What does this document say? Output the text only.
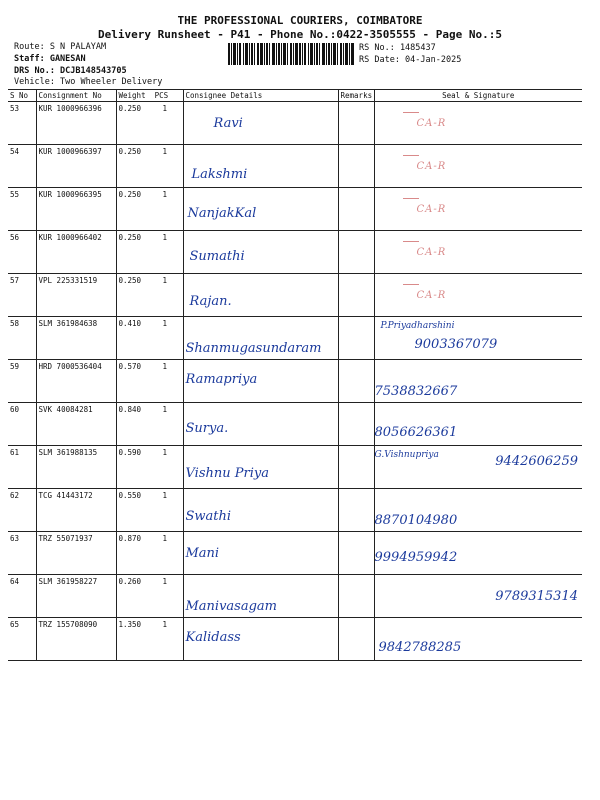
THE PROFESSIONAL COURIERS, COIMBATORE
Delivery Runsheet - P41 - Phone No.:0422-3505555 - Page No.:5
Route: S N PALAYAM
Staff: GANESAN
DRS No.: DCJB148543705
Vehicle: Two Wheeler Delivery
RS No.: 1485437
RS Date: 04-Jan-2025
S No	Consignment No	Weight PCS	Consignee Details	Remarks	Seal & Signature
53	KUR 1000966396	0.250 1	Ravi		CA-R

54	KUR 1000966397	0.250 1	Lakshmi		CA-R

55	KUR 1000966395	0.250 1	NanjakKal		CA-R

56	KUR 1000966402	0.250 1	Sumathi		CA-R

57	VPL 225331519	0.250 1	Rajan.		CA-R

58	SLM 361984638	0.410 1	Shanmugasundaram		P.Priyadharshini
9003367079

59	HRD 7000536404	0.570 1	Ramapriya		7538832667

60	SVK 40084281	0.840 1	Surya.		8056626361

61	SLM 361988135	0.590 1	Vishnu Priya		G.Vishnupriya 9442606259

62	TCG 41443172	0.550 1	Swathi		8870104980

63	TRZ 55071937	0.870 1	Mani		9994959942

64	SLM 361958227	0.260 1	Manivasagam		9789315314

65	TRZ 155708090	1.350 1	Kalidass		9842788285
